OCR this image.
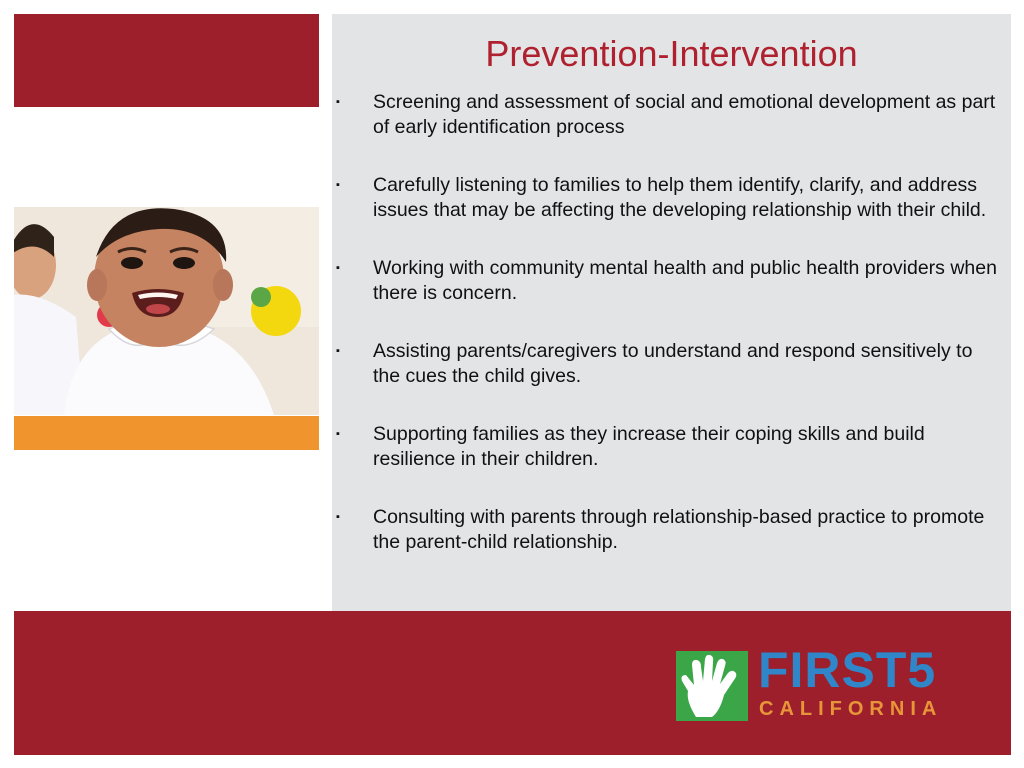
Prevention-Intervention
▪ Screening and assessment of social and emotional development as part of early identification process
▪ Carefully listening to families to help them identify, clarify, and address issues that may be affecting the developing relationship with their child.
▪ Working with community mental health and public health providers when there is concern.
▪ Assisting parents/caregivers to understand and respond sensitively to the cues the child gives.
▪ Supporting families as they increase their coping skills and build resilience in their children.
▪ Consulting with parents through relationship-based practice to promote the parent-child relationship.
FIRST5
CALIFORNIA
